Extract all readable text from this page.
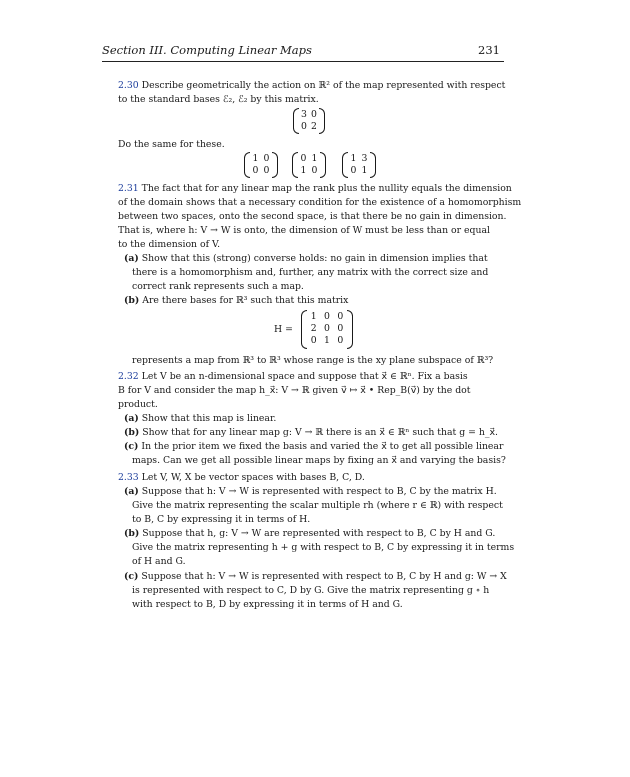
Section III. Computing Linear Maps	231
2.30 Describe geometrically the action on ℝ² of the map represented with respect
to the standard bases ℰ₂, ℰ₂ by this matrix.
3 0
0 2
Do the same for these.
1 0
0 0
0 1
1 0
1 3
0 1
2.31 The fact that for any linear map the rank plus the nullity equals the dimension
of the domain shows that a necessary condition for the existence of a homomorphism
between two spaces, onto the second space, is that there be no gain in dimension.
That is, where h: V → W is onto, the dimension of W must be less than or equal
to the dimension of V.
(a) Show that this (strong) converse holds: no gain in dimension implies that
there is a homomorphism and, further, any matrix with the correct size and
correct rank represents such a map.
(b) Are there bases for ℝ³ such that this matrix
H =
1 0 0
2 0 0
0 1 0
represents a map from ℝ³ to ℝ³ whose range is the xy plane subspace of ℝ³?
2.32 Let V be an n-dimensional space and suppose that x⃗ ∈ ℝⁿ. Fix a basis
B for V and consider the map h_x⃗: V → ℝ given v⃗ ↦ x⃗ • Rep_B(v⃗) by the dot
product.
(a) Show that this map is linear.
(b) Show that for any linear map g: V → ℝ there is an x⃗ ∈ ℝⁿ such that g = h_x⃗.
(c) In the prior item we fixed the basis and varied the x⃗ to get all possible linear
maps. Can we get all possible linear maps by fixing an x⃗ and varying the basis?
2.33 Let V, W, X be vector spaces with bases B, C, D.
(a) Suppose that h: V → W is represented with respect to B, C by the matrix H.
Give the matrix representing the scalar multiple rh (where r ∈ ℝ) with respect
to B, C by expressing it in terms of H.
(b) Suppose that h, g: V → W are represented with respect to B, C by H and G.
Give the matrix representing h + g with respect to B, C by expressing it in terms
of H and G.
(c) Suppose that h: V → W is represented with respect to B, C by H and g: W → X
is represented with respect to C, D by G. Give the matrix representing g ∘ h
with respect to B, D by expressing it in terms of H and G.
